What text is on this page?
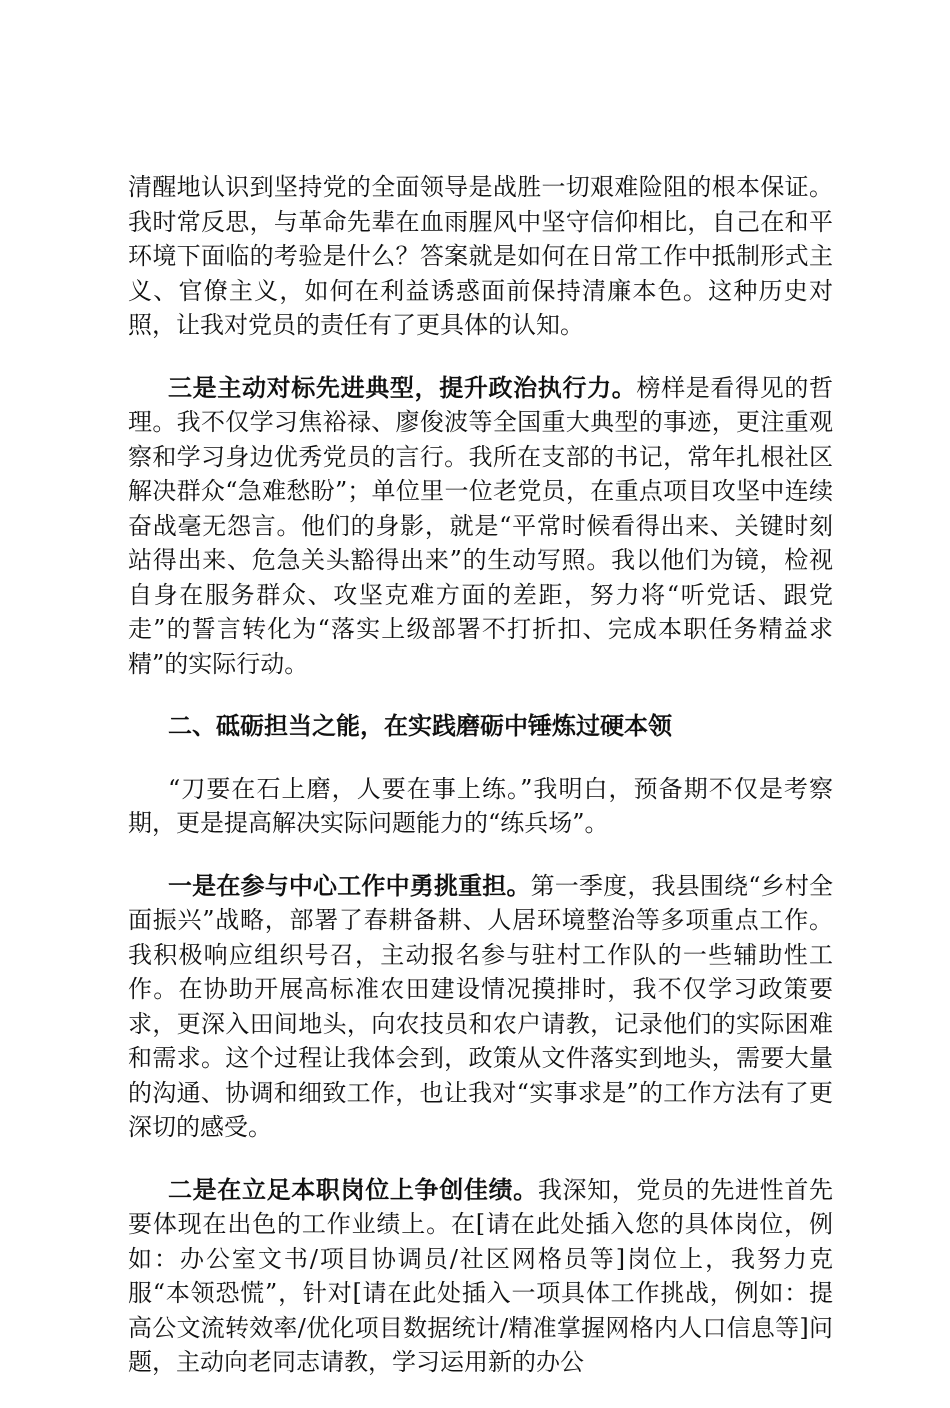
清醒地认识到坚持党的全面领导是战胜一切艰难险阻的根本保证。我时常反思，与革命先辈在血雨腥风中坚守信仰相比，自己在和平环境下面临的考验是什么？答案就是如何在日常工作中抵制形式主义、官僚主义，如何在利益诱惑面前保持清廉本色。这种历史对照，让我对党员的责任有了更具体的认知。

三是主动对标先进典型，提升政治执行力。榜样是看得见的哲理。我不仅学习焦裕禄、廖俊波等全国重大典型的事迹，更注重观察和学习身边优秀党员的言行。我所在支部的书记，常年扎根社区解决群众“急难愁盼”；单位里一位老党员，在重点项目攻坚中连续奋战毫无怨言。他们的身影，就是“平常时候看得出来、关键时刻站得出来、危急关头豁得出来”的生动写照。我以他们为镜，检视自身在服务群众、攻坚克难方面的差距，努力将“听党话、跟党走”的誓言转化为“落实上级部署不打折扣、完成本职任务精益求精”的实际行动。

二、砥砺担当之能，在实践磨砺中锤炼过硬本领

“刀要在石上磨，人要在事上练。”我明白，预备期不仅是考察期，更是提高解决实际问题能力的“练兵场”。

一是在参与中心工作中勇挑重担。第一季度，我县围绕“乡村全面振兴”战略，部署了春耕备耕、人居环境整治等多项重点工作。我积极响应组织号召，主动报名参与驻村工作队的一些辅助性工作。在协助开展高标准农田建设情况摸排时，我不仅学习政策要求，更深入田间地头，向农技员和农户请教，记录他们的实际困难和需求。这个过程让我体会到，政策从文件落实到地头，需要大量的沟通、协调和细致工作，也让我对“实事求是”的工作方法有了更深切的感受。

二是在立足本职岗位上争创佳绩。我深知，党员的先进性首先要体现在出色的工作业绩上。在[请在此处插入您的具体岗位，例如：办公室文书/项目协调员/社区网格员等]岗位上，我努力克服“本领恐慌”，针对[请在此处插入一项具体工作挑战，例如：提高公文流转效率/优化项目数据统计/精准掌握网格内人口信息等]问题，主动向老同志请教，学习运用新的办公
